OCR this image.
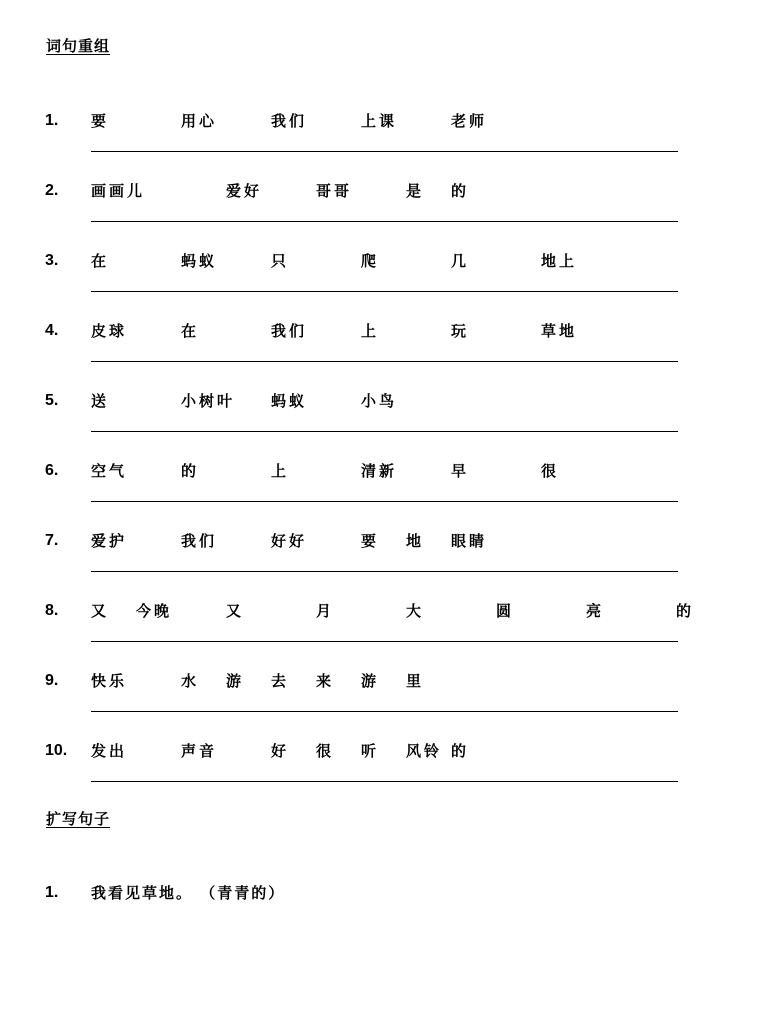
词句重组
1. 要	用心	我们	上课	老师
2. 画画儿	爱好	哥哥	是 的
3. 在	蚂蚁	只	爬	几	地上
4. 皮球	在	我们	上	玩	草地
5. 送	小树叶 蚂蚁	小鸟
6. 空气	的	上	清新	早	很
7. 爱护	我们	好好	要 地 眼睛
8. 又 今晚	又	月	大	圆	亮	的
9. 快乐	水 游 去 来 游 里
10. 发出	声音	好 很 听 风铃 的
扩写句子
1. 我看见草地。 （青青的）
